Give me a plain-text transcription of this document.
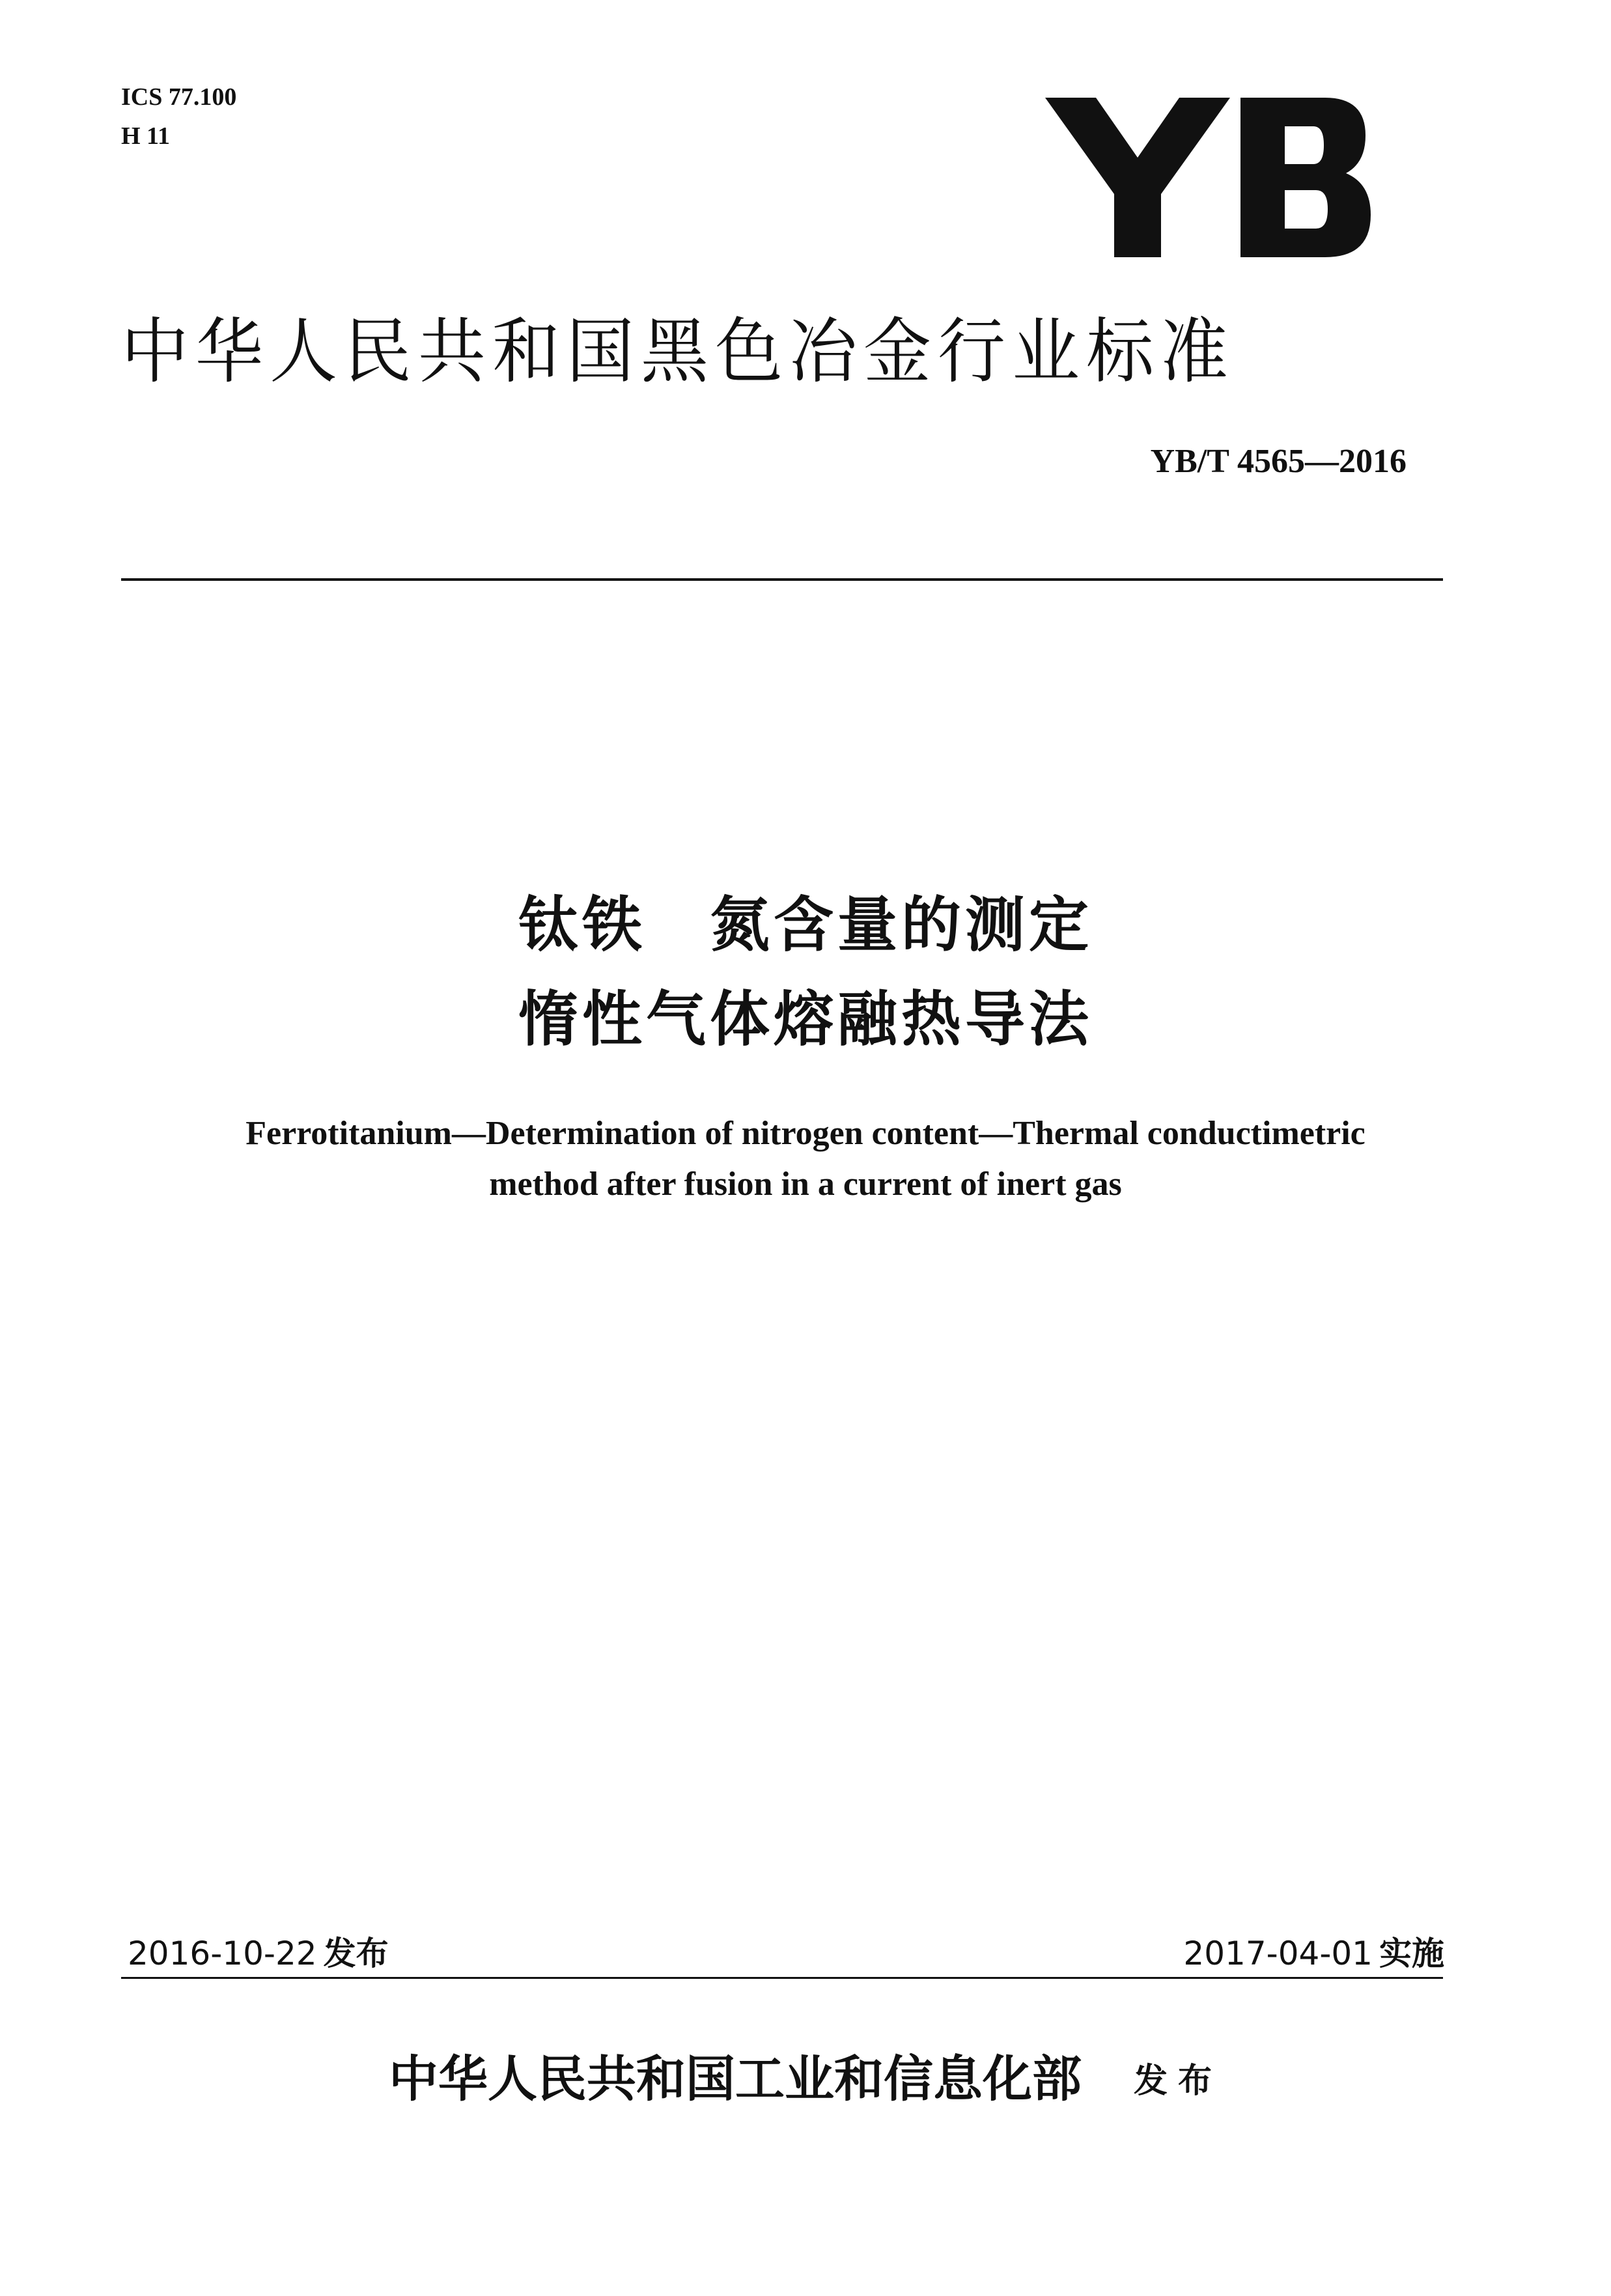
ICS 77.100
H 11
中华人民共和国黑色冶金行业标准
YB/T 4565—2016
钛铁　氮含量的测定
惰性气体熔融热导法
Ferrotitanium—Determination of nitrogen content—Thermal conductimetric
method after fusion in a current of inert gas
2016-10-22 发布	2017-04-01 实施
中华人民共和国工业和信息化部 发布
